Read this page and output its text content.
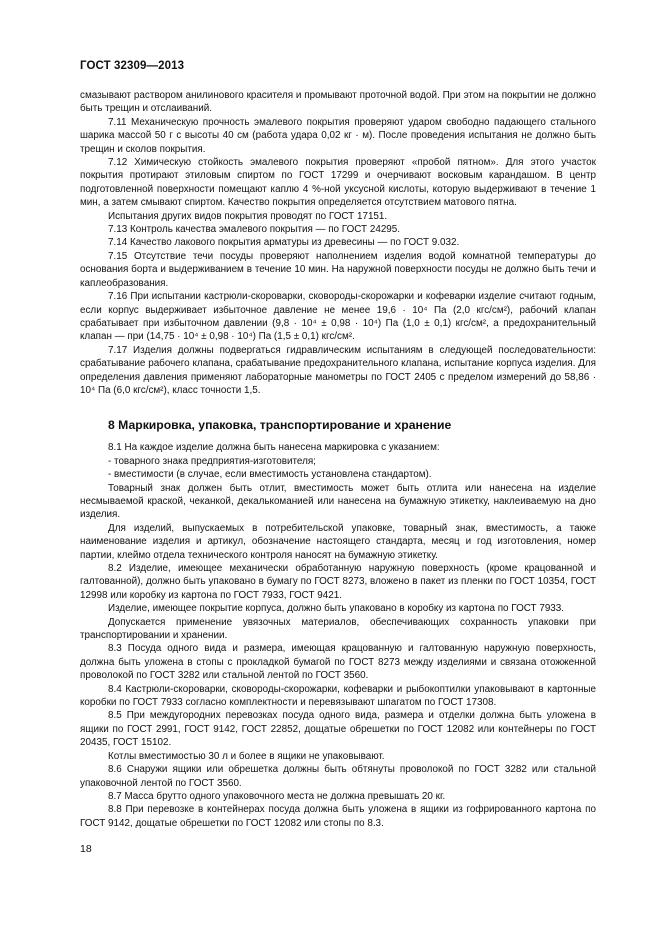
ГОСТ 32309—2013

смазывают раствором анилинового красителя и промывают проточной водой. При этом на покрытии не должно быть трещин и отслаиваний.

7.11 Механическую прочность эмалевого покрытия проверяют ударом свободно падающего стального шарика массой 50 г с высоты 40 см (работа удара 0,02 кг · м). После проведения испытания не должно быть трещин и сколов покрытия.

7.12 Химическую стойкость эмалевого покрытия проверяют «пробой пятном». Для этого участок покрытия протирают этиловым спиртом по ГОСТ 17299 и очерчивают восковым карандашом. В центр подготовленной поверхности помещают каплю 4 %-ной уксусной кислоты, которую выдерживают в течение 1 мин, а затем смывают спиртом. Качество покрытия определяется отсутствием матового пятна.

Испытания других видов покрытия проводят по ГОСТ 17151.

7.13 Контроль качества эмалевого покрытия — по ГОСТ 24295.

7.14 Качество лакового покрытия арматуры из древесины — по ГОСТ 9.032.

7.15 Отсутствие течи посуды проверяют наполнением изделия водой комнатной температуры до основания борта и выдерживанием в течение 10 мин. На наружной поверхности посуды не должно быть течи и каплеобразования.

7.16 При испытании кастрюли-скороварки, сковороды-скорожарки и кофеварки изделие считают годным, если корпус выдерживает избыточное давление не менее 19,6 · 10⁴ Па (2,0 кгс/см²), рабочий клапан срабатывает при избыточном давлении (9,8 · 10⁴ ± 0,98 · 10⁴) Па (1,0 ± 0,1) кгс/см², а предохранительный клапан — при (14,75 · 10⁴ ± 0,98 · 10⁴) Па (1,5 ± 0,1) кгс/см².

7.17 Изделия должны подвергаться гидравлическим испытаниям в следующей последовательности: срабатывание рабочего клапана, срабатывание предохранительного клапана, испытание корпуса изделия. Для определения давления применяют лабораторные манометры по ГОСТ 2405 с пределом измерений до 58,86 · 10⁴ Па (6,0 кгс/см²), класс точности 1,5.

8 Маркировка, упаковка, транспортирование и хранение

8.1 На каждое изделие должна быть нанесена маркировка с указанием:

- товарного знака предприятия-изготовителя;

- вместимости (в случае, если вместимость установлена стандартом).

Товарный знак должен быть отлит, вместимость может быть отлита или нанесена на изделие несмываемой краской, чеканкой, декалькоманией или нанесена на бумажную этикетку, наклеиваемую на дно изделия.

Для изделий, выпускаемых в потребительской упаковке, товарный знак, вместимость, а также наименование изделия и артикул, обозначение настоящего стандарта, месяц и год изготовления, номер партии, клеймо отдела технического контроля наносят на бумажную этикетку.

8.2 Изделие, имеющее механически обработанную наружную поверхность (кроме крацованной и галтованной), должно быть упаковано в бумагу по ГОСТ 8273, вложено в пакет из пленки по ГОСТ 10354, ГОСТ 12998 или коробку из картона по ГОСТ 7933, ГОСТ 9421.

Изделие, имеющее покрытие корпуса, должно быть упаковано в коробку из картона по ГОСТ 7933.

Допускается применение увязочных материалов, обеспечивающих сохранность упаковки при транспортировании и хранении.

8.3 Посуда одного вида и размера, имеющая крацованную и галтованную наружную поверхность, должна быть уложена в стопы с прокладкой бумагой по ГОСТ 8273 между изделиями и связана отожженной проволокой по ГОСТ 3282 или стальной лентой по ГОСТ 3560.

8.4 Кастрюли-скороварки, сковороды-скорожарки, кофеварки и рыбокоптилки упаковывают в картонные коробки по ГОСТ 7933 согласно комплектности и перевязывают шпагатом по ГОСТ 17308.

8.5 При междугородних перевозках посуда одного вида, размера и отделки должна быть уложена в ящики по ГОСТ 2991, ГОСТ 9142, ГОСТ 22852, дощатые обрешетки по ГОСТ 12082 или контейнеры по ГОСТ 20435, ГОСТ 15102.

Котлы вместимостью 30 л и более в ящики не упаковывают.

8.6 Снаружи ящики или обрешетка должны быть обтянуты проволокой по ГОСТ 3282 или стальной упаковочной лентой по ГОСТ 3560.

8.7 Масса брутто одного упаковочного места не должна превышать 20 кг.

8.8 При перевозке в контейнерах посуда должна быть уложена в ящики из гофрированного картона по ГОСТ 9142, дощатые обрешетки по ГОСТ 12082 или стопы по 8.3.

18
